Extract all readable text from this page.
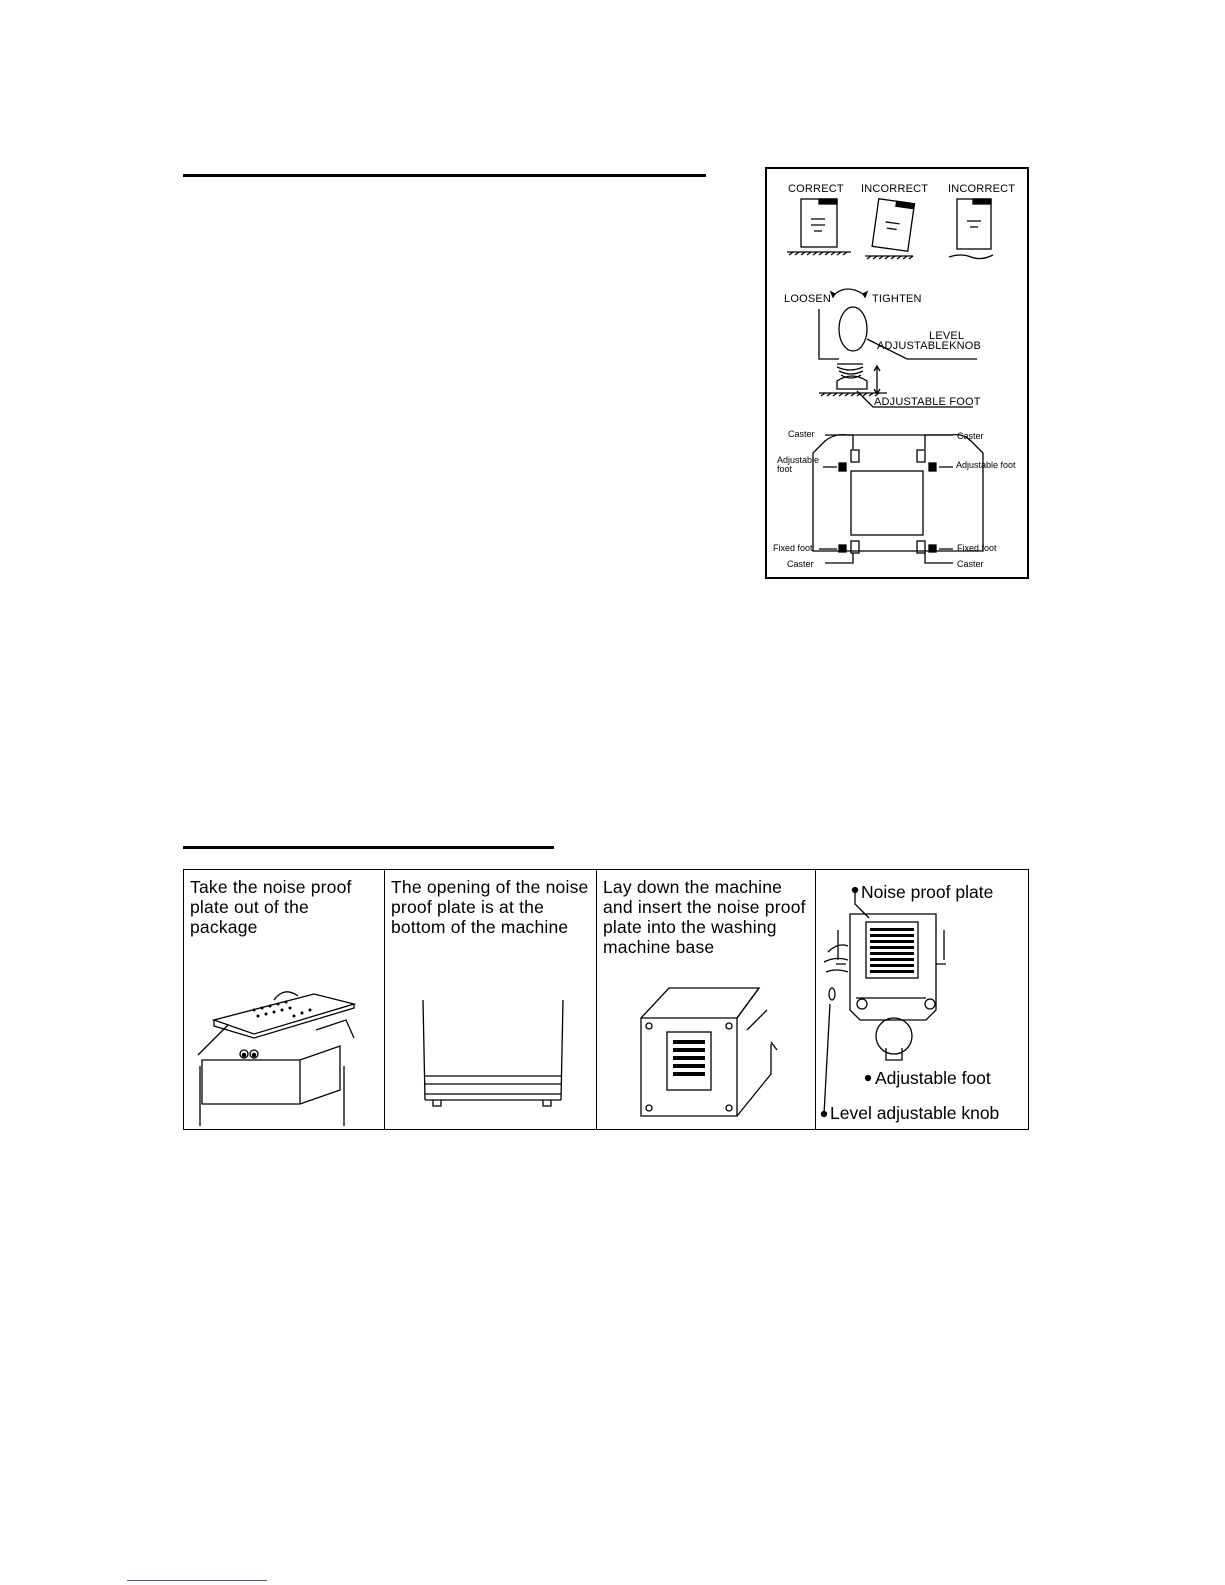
CORRECT INCORRECT INCORRECT
LOOSEN	TIGHTEN
LEVEL
ADJUSTABLEKNOB
ADJUSTABLE FOOT
Caster	Caster
Adjustable
foot	Adjustable foot
Fixed foot	Fixed foot
Caster	Caster
Take the noise proof plate out of the package
The opening of the noise proof plate is at the bottom of the machine
Lay down the machine and insert the noise proof plate into the washing machine base
Noise proof plate
Adjustable foot
Level adjustable knob
